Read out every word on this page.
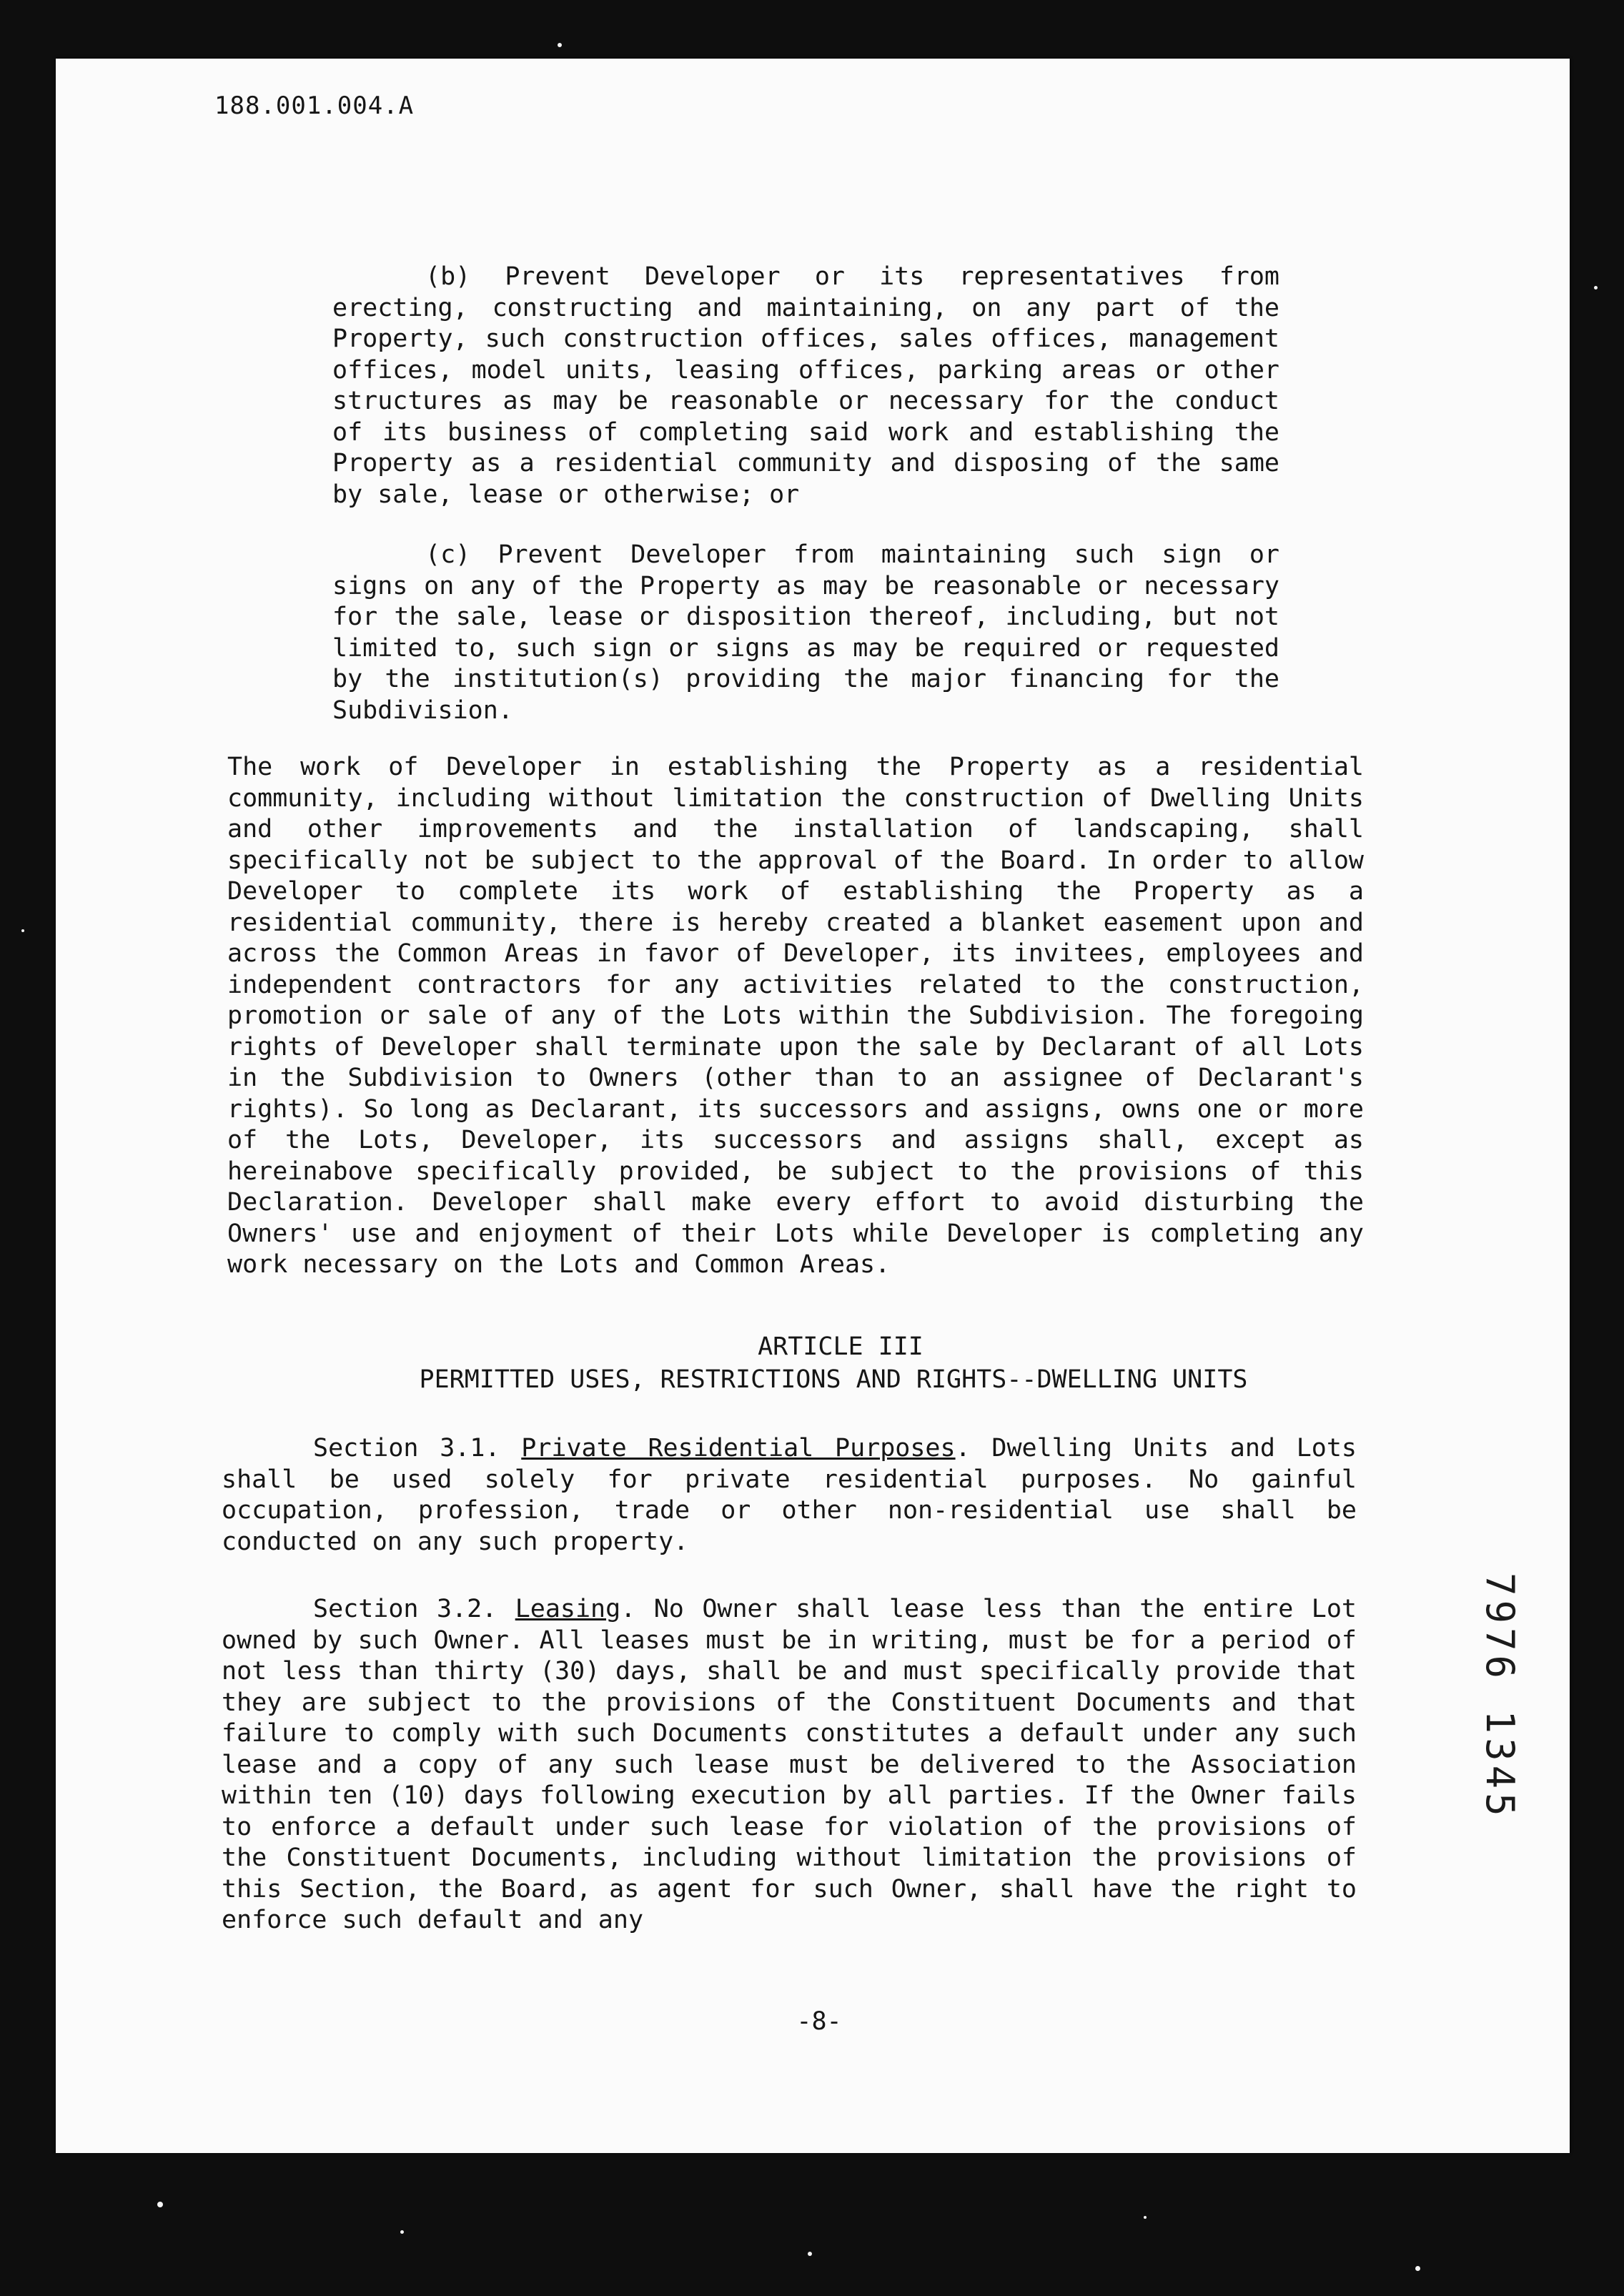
188.001.004.A
(b) Prevent Developer or its representatives from erecting, constructing and maintaining, on any part of the Property, such construction offices, sales offices, management offices, model units, leasing offices, parking areas or other structures as may be reasonable or necessary for the conduct of its business of completing said work and establishing the Property as a residential community and disposing of the same by sale, lease or otherwise; or
(c) Prevent Developer from maintaining such sign or signs on any of the Property as may be reasonable or necessary for the sale, lease or disposition thereof, including, but not limited to, such sign or signs as may be required or requested by the institution(s) providing the major financing for the Subdivision.
The work of Developer in establishing the Property as a residential community, including without limitation the construction of Dwelling Units and other improvements and the installation of landscaping, shall specifically not be subject to the approval of the Board. In order to allow Developer to complete its work of establishing the Property as a residential community, there is hereby created a blanket easement upon and across the Common Areas in favor of Developer, its invitees, employees and independent contractors for any activities related to the construction, promotion or sale of any of the Lots within the Subdivision. The foregoing rights of Developer shall terminate upon the sale by Declarant of all Lots in the Subdivision to Owners (other than to an assignee of Declarant's rights). So long as Declarant, its successors and assigns, owns one or more of the Lots, Developer, its successors and assigns shall, except as hereinabove specifically provided, be subject to the provisions of this Declaration. Developer shall make every effort to avoid disturbing the Owners' use and enjoyment of their Lots while Developer is completing any work necessary on the Lots and Common Areas.
ARTICLE III
PERMITTED USES, RESTRICTIONS AND RIGHTS--DWELLING UNITS
Section 3.1. Private Residential Purposes. Dwelling Units and Lots shall be used solely for private residential purposes. No gainful occupation, profession, trade or other non-residential use shall be conducted on any such property.
Section 3.2. Leasing. No Owner shall lease less than the entire Lot owned by such Owner. All leases must be in writing, must be for a period of not less than thirty (30) days, shall be and must specifically provide that they are subject to the provisions of the Constituent Documents and that failure to comply with such Documents constitutes a default under any such lease and a copy of any such lease must be delivered to the Association within ten (10) days following execution by all parties. If the Owner fails to enforce a default under such lease for violation of the provisions of the Constituent Documents, including without limitation the provisions of this Section, the Board, as agent for such Owner, shall have the right to enforce such default and any
-8-
7976 1345
